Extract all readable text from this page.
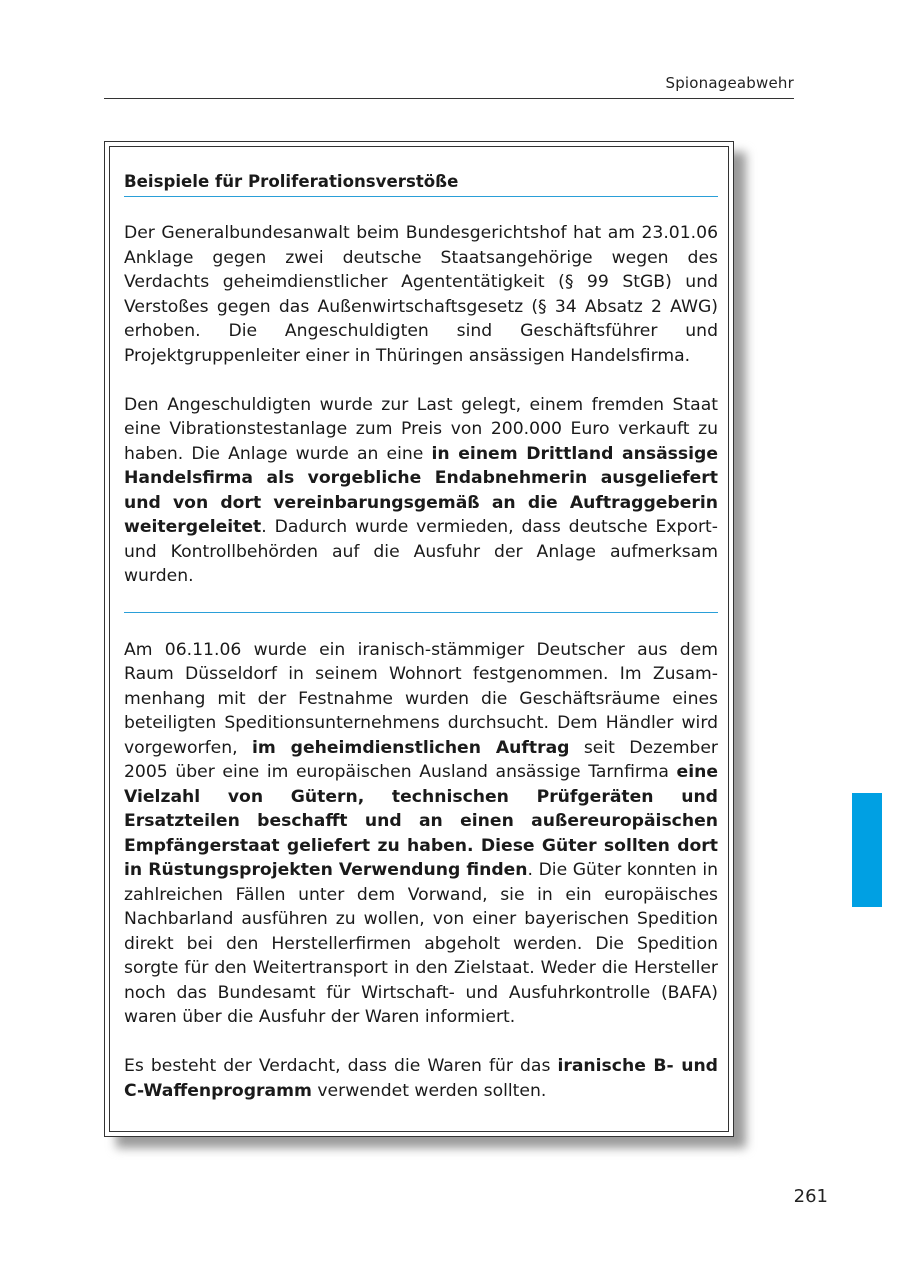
Spionageabwehr
Beispiele für Proliferationsverstöße

Der Generalbundesanwalt beim Bundesgerichtshof hat am 23.01.06 Anklage gegen zwei deutsche Staatsangehörige wegen des Verdachts geheimdienstlicher Agententätigkeit (§ 99 StGB) und Verstoßes gegen das Außenwirtschaftsgesetz (§ 34 Absatz 2 AWG) erhoben. Die Angeschuldigten sind Geschäftsführer und Projektgruppenleiter einer in Thüringen ansässigen Handelsfirma.

Den Angeschuldigten wurde zur Last gelegt, einem fremden Staat eine Vibrationstestanlage zum Preis von 200.000 Euro verkauft zu haben. Die Anlage wurde an eine in einem Drittland ansässige Handelsfirma als vorgebliche Endabnehmerin ausgeliefert und von dort vereinbarungsgemäß an die Auftraggeberin weitergeleitet. Dadurch wurde vermieden, dass deutsche Export- und Kontrollbehörden auf die Ausfuhr der Anlage aufmerksam wurden.

Am 06.11.06 wurde ein iranisch-stämmiger Deutscher aus dem Raum Düsseldorf in seinem Wohnort festgenommen. Im Zusammenhang mit der Festnahme wurden die Geschäftsräume eines beteiligten Speditionsunternehmens durchsucht. Dem Händler wird vorgeworfen, im geheimdienstlichen Auftrag seit Dezember 2005 über eine im europäischen Ausland ansässige Tarnfirma eine Vielzahl von Gütern, technischen Prüfgeräten und Ersatzteilen beschafft und an einen außereuropäischen Empfängerstaat geliefert zu haben. Diese Güter sollten dort in Rüstungsprojekten Verwendung finden. Die Güter konnten in zahlreichen Fällen unter dem Vorwand, sie in ein europäisches Nachbarland ausführen zu wollen, von einer bayerischen Spedition direkt bei den Herstellerfirmen abgeholt werden. Die Spedition sorgte für den Weitertransport in den Zielstaat. Weder die Hersteller noch das Bundesamt für Wirtschaft- und Ausfuhrkontrolle (BAFA) waren über die Ausfuhr der Waren informiert.

Es besteht der Verdacht, dass die Waren für das iranische B- und C-Waffenprogramm verwendet werden sollten.

261
